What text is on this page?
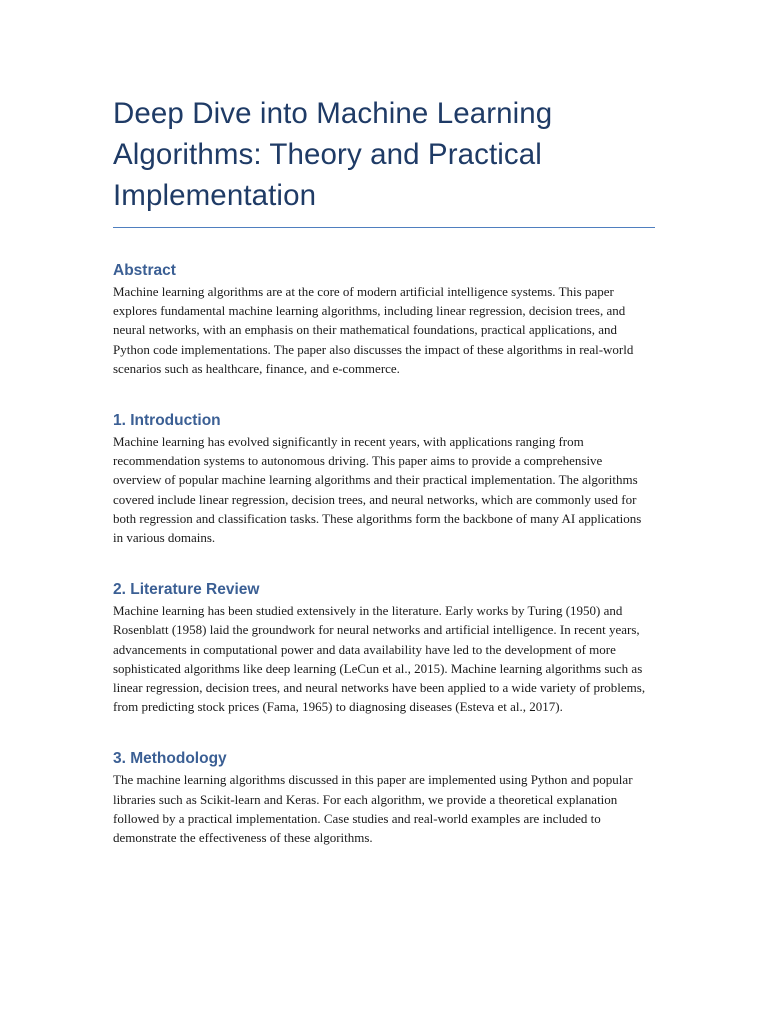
Deep Dive into Machine Learning Algorithms: Theory and Practical Implementation
Abstract

Machine learning algorithms are at the core of modern artificial intelligence systems. This paper explores fundamental machine learning algorithms, including linear regression, decision trees, and neural networks, with an emphasis on their mathematical foundations, practical applications, and Python code implementations. The paper also discusses the impact of these algorithms in real-world scenarios such as healthcare, finance, and e-commerce.

1. Introduction

Machine learning has evolved significantly in recent years, with applications ranging from recommendation systems to autonomous driving. This paper aims to provide a comprehensive overview of popular machine learning algorithms and their practical implementation. The algorithms covered include linear regression, decision trees, and neural networks, which are commonly used for both regression and classification tasks. These algorithms form the backbone of many AI applications in various domains.

2. Literature Review

Machine learning has been studied extensively in the literature. Early works by Turing (1950) and Rosenblatt (1958) laid the groundwork for neural networks and artificial intelligence. In recent years, advancements in computational power and data availability have led to the development of more sophisticated algorithms like deep learning (LeCun et al., 2015). Machine learning algorithms such as linear regression, decision trees, and neural networks have been applied to a wide variety of problems, from predicting stock prices (Fama, 1965) to diagnosing diseases (Esteva et al., 2017).

3. Methodology

The machine learning algorithms discussed in this paper are implemented using Python and popular libraries such as Scikit-learn and Keras. For each algorithm, we provide a theoretical explanation followed by a practical implementation. Case studies and real-world examples are included to demonstrate the effectiveness of these algorithms.
